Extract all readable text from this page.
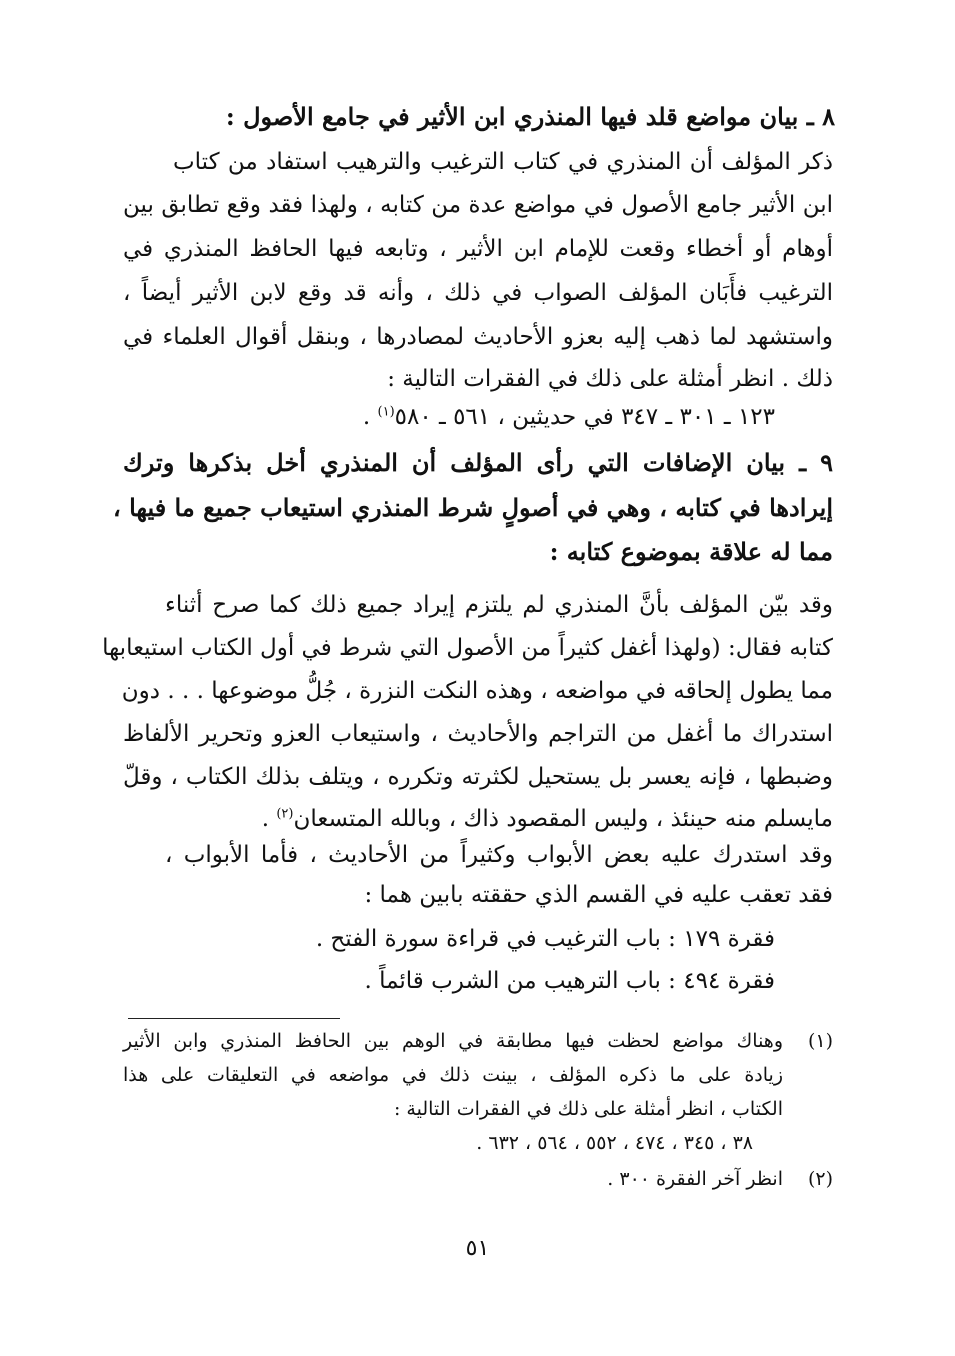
٨ ـ بيان مواضع قلد فيها المنذري ابن الأثير في جامع الأصول :
ذكر المؤلف أن المنذري في كتاب الترغيب والترهيب استفاد من كتاب
ابن الأثير جامع الأصول في مواضع عدة من كتابه ، ولهذا فقد وقع تطابق بين
أوهام أو أخطاء وقعت للإمام ابن الأثير ، وتابعه فيها الحافظ المنذري في
الترغيب فأَبَان المؤلف الصواب في ذلك ، وأنه قد وقع لابن الأثير أيضاً ،
واستشهد لما ذهب إليه بعزو الأحاديث لمصادرها ، وبنقل أقوال العلماء في
ذلك . انظر أمثلة على ذلك في الفقرات التالية :
١٢٣ ـ ٣٠١ ـ ٣٤٧ في حديثين ، ٥٦١ ـ ٥٨٠$^{(١)}$ .
٩ ـ بيان الإضافات التي رأى المؤلف أن المنذري أخل بذكرها وترك
إيرادها في كتابه ، وهي في أصولٍ شرط المنذري استيعاب جميع ما فيها ،
مما له علاقة بموضوع كتابه :
وقد بيّن المؤلف بأنَّ المنذري لم يلتزم إيراد جميع ذلك كما صرح أثناء
كتابه فقال: (ولهذا أغفل كثيراً من الأصول التي شرط في أول الكتاب استيعابها
مما يطول إلحاقه في مواضعه ، وهذه النكت النزرة ، جُلُّ موضوعها . . . دون
استدراك ما أغفل من التراجم والأحاديث ، واستيعاب العزو وتحرير الألفاظ
وضبطها ، فإنه يعسر بل يستحيل لكثرته وتكرره ، ويتلف بذلك الكتاب ، وقلّ
مايسلم منه حينئذ ، وليس المقصود ذاك ، وبالله المتسعان$^{(٢)}$ .
وقد استدرك عليه بعض الأبواب وكثيراً من الأحاديث ، فأما الأبواب ،
فقد تعقب عليه في القسم الذي حققته بابين هما :
فقرة ١٧٩ : باب الترغيب في قراءة سورة الفتح .
فقرة ٤٩٤ : باب الترهيب من الشرب قائماً .
(١)
وهناك مواضع لحظت فيها مطابقة في الوهم بين الحافظ المنذري وابن الأثير
زيادة على ما ذكره المؤلف ، بينت ذلك في مواضعه في التعليقات على هذا
الكتاب ، انظر أمثلة على ذلك في الفقرات التالية :
٣٨ ، ٣٤٥ ، ٤٧٤ ، ٥٥٢ ، ٥٦٤ ، ٦٣٢ .
(٢)
انظر آخر الفقرة ٣٠٠ .
٥١
